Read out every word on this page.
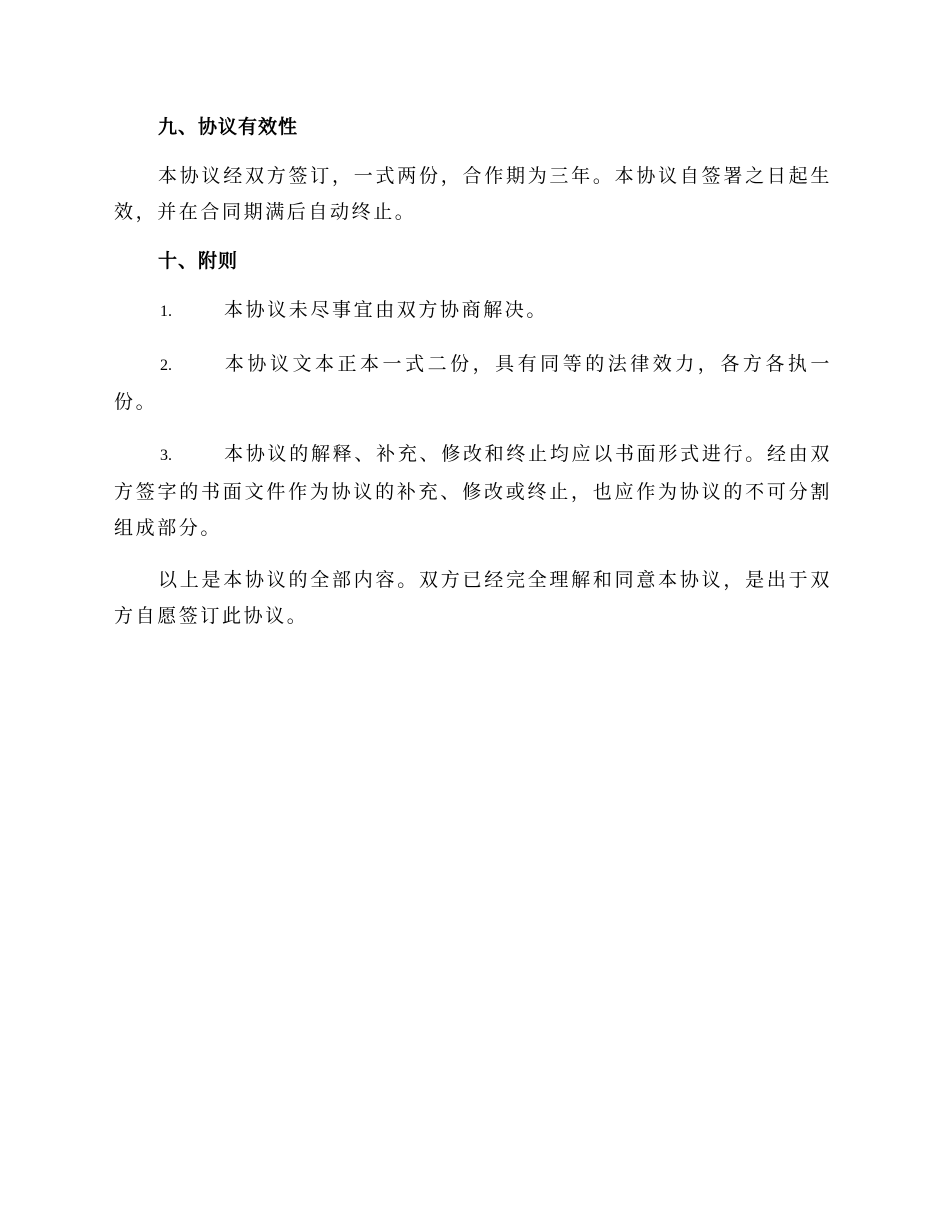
九、协议有效性

本协议经双方签订，一式两份，合作期为三年。本协议自签署之日起生效，并在合同期满后自动终止。

十、附则

1.	本协议未尽事宜由双方协商解决。

2.	本协议文本正本一式二份，具有同等的法律效力，各方各执一份。

3.	本协议的解释、补充、修改和终止均应以书面形式进行。经由双方签字的书面文件作为协议的补充、修改或终止，也应作为协议的不可分割组成部分。

以上是本协议的全部内容。双方已经完全理解和同意本协议，是出于双方自愿签订此协议。
